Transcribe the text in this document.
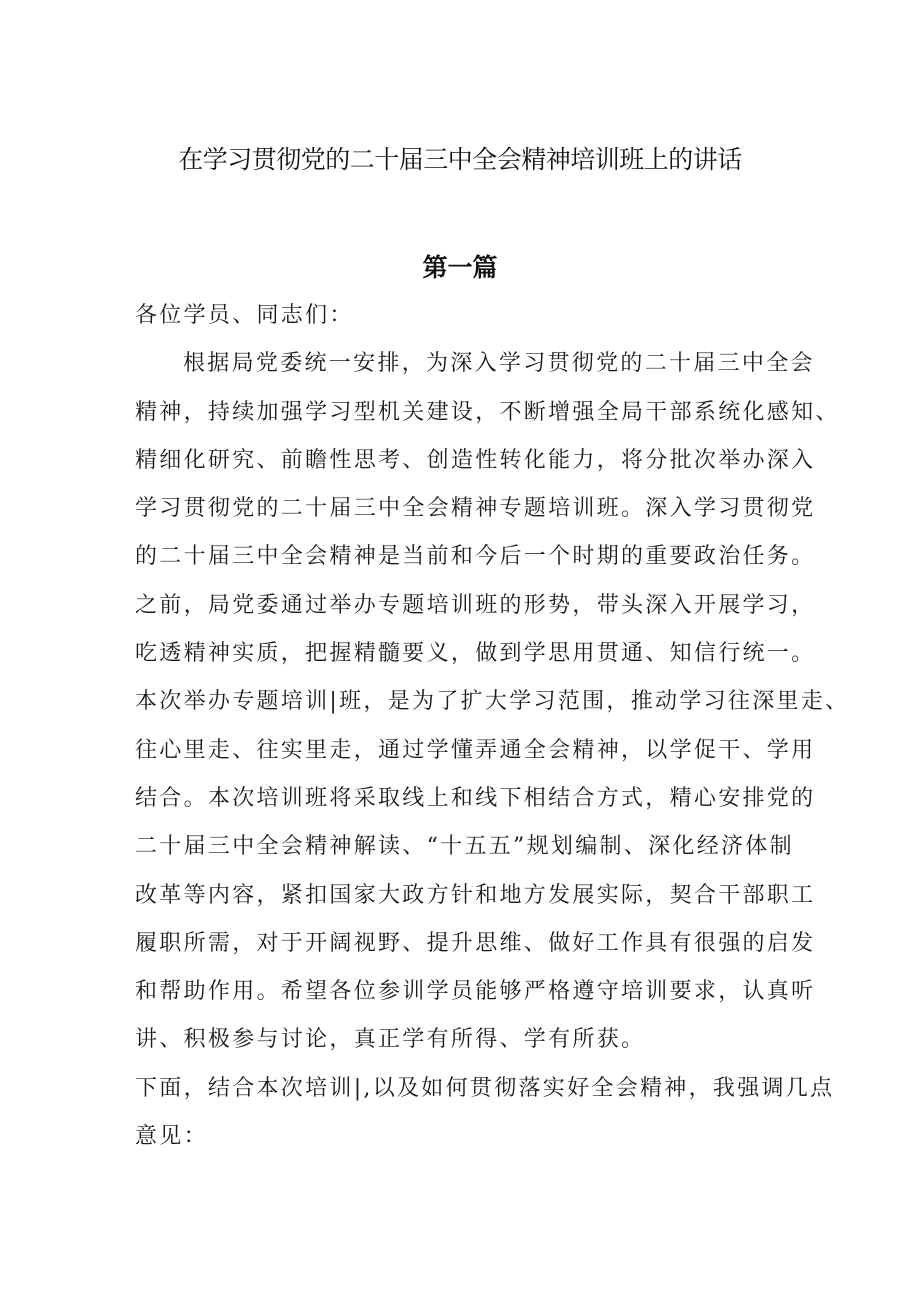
在学习贯彻党的二十届三中全会精神培训班上的讲话
第一篇
各位学员、同志们：
根据局党委统一安排，为深入学习贯彻党的二十届三中全会
精神，持续加强学习型机关建设，不断增强全局干部系统化感知、
精细化研究、前瞻性思考、创造性转化能力，将分批次举办深入
学习贯彻党的二十届三中全会精神专题培训班。深入学习贯彻党
的二十届三中全会精神是当前和今后一个时期的重要政治任务。
之前，局党委通过举办专题培训班的形势，带头深入开展学习，
吃透精神实质，把握精髓要义，做到学思用贯通、知信行统一。
本次举办专题培训|班，是为了扩大学习范围，推动学习往深里走、
往心里走、往实里走，通过学懂弄通全会精神，以学促干、学用
结合。本次培训班将采取线上和线下相结合方式，精心安排党的
二十届三中全会精神解读、“十五五”规划编制、深化经济体制
改革等内容，紧扣国家大政方针和地方发展实际，契合干部职工
履职所需，对于开阔视野、提升思维、做好工作具有很强的启发
和帮助作用。希望各位参训学员能够严格遵守培训要求，认真听
讲、积极参与讨论，真正学有所得、学有所获。
下面，结合本次培训|,以及如何贯彻落实好全会精神，我强调几点
意见：
